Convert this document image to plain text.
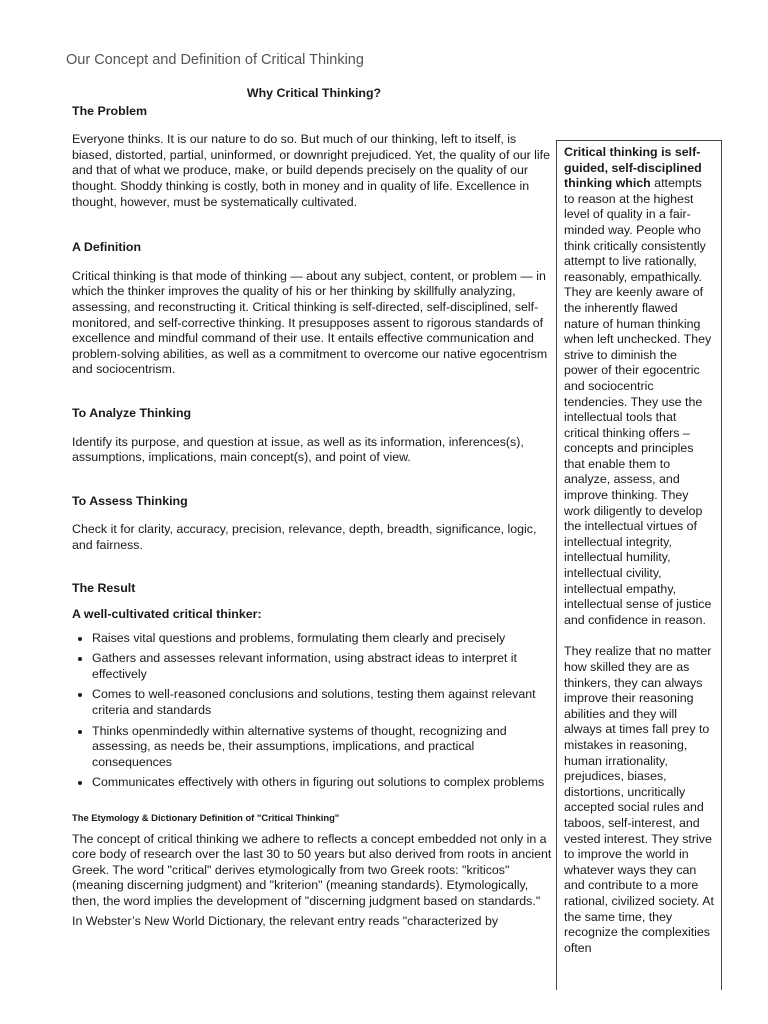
Our Concept and Definition of Critical Thinking
Why Critical Thinking?
The Problem

Everyone thinks. It is our nature to do so. But much of our thinking, left to itself, is biased, distorted, partial, uninformed, or downright prejudiced. Yet, the quality of our life and that of what we produce, make, or build depends precisely on the quality of our thought. Shoddy thinking is costly, both in money and in quality of life. Excellence in thought, however, must be systematically cultivated.

A Definition

Critical thinking is that mode of thinking — about any subject, content, or problem — in which the thinker improves the quality of his or her thinking by skillfully analyzing, assessing, and reconstructing it. Critical thinking is self-directed, self-disciplined, self-monitored, and self-corrective thinking. It presupposes assent to rigorous standards of excellence and mindful command of their use. It entails effective communication and problem-solving abilities, as well as a commitment to overcome our native egocentrism and sociocentrism.

To Analyze Thinking

Identify its purpose, and question at issue, as well as its information, inferences(s), assumptions, implications, main concept(s), and point of view.

To Assess Thinking

Check it for clarity, accuracy, precision, relevance, depth, breadth, significance, logic, and fairness.

The Result
A well-cultivated critical thinker:
• Raises vital questions and problems, formulating them clearly and precisely
• Gathers and assesses relevant information, using abstract ideas to interpret it effectively
• Comes to well-reasoned conclusions and solutions, testing them against relevant criteria and standards
• Thinks openmindedly within alternative systems of thought, recognizing and assessing, as needs be, their assumptions, implications, and practical consequences
• Communicates effectively with others in figuring out solutions to complex problems
The Etymology & Dictionary Definition of "Critical Thinking"

The concept of critical thinking we adhere to reflects a concept embedded not only in a core body of research over the last 30 to 50 years but also derived from roots in ancient Greek. The word "critical" derives etymologically from two Greek roots: "kriticos" (meaning discerning judgment) and "kriterion" (meaning standards). Etymologically, then, the word implies the development of "discerning judgment based on standards."

In Webster’s New World Dictionary, the relevant entry reads "characterized by

Critical thinking is self-guided, self-disciplined thinking which attempts to reason at the highest level of quality in a fair-minded way. People who think critically consistently attempt to live rationally, reasonably, empathically. They are keenly aware of the inherently flawed nature of human thinking when left unchecked. They strive to diminish the power of their egocentric and sociocentric tendencies. They use the intellectual tools that critical thinking offers – concepts and principles that enable them to analyze, assess, and improve thinking. They work diligently to develop the intellectual virtues of intellectual integrity, intellectual humility, intellectual civility, intellectual empathy, intellectual sense of justice and confidence in reason.

They realize that no matter how skilled they are as thinkers, they can always improve their reasoning abilities and they will always at times fall prey to mistakes in reasoning, human irrationality, prejudices, biases, distortions, uncritically accepted social rules and taboos, self-interest, and vested interest. They strive to improve the world in whatever ways they can and contribute to a more rational, civilized society. At the same time, they recognize the complexities often
